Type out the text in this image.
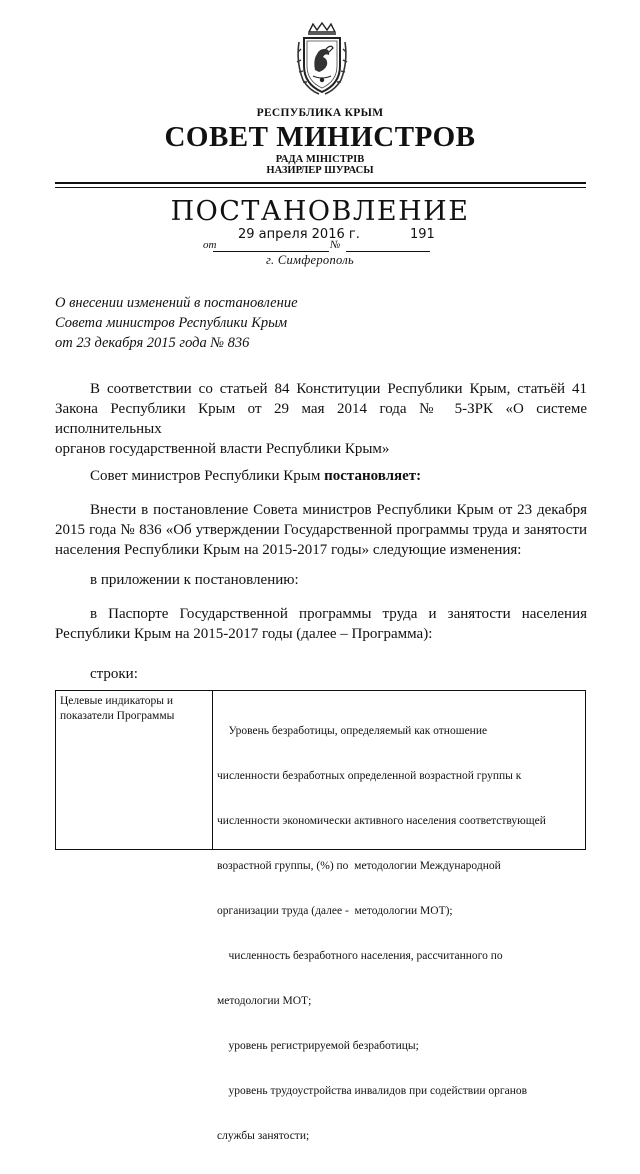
РЕСПУБЛИКА КРЫМ
СОВЕТ МИНИСТРОВ
РАДА МІНІСТРІВ
НАЗИРЛЕР ШУРАСЫ
ПОСТАНОВЛЕНИЕ
29 апреля 2016 г.	191
от	№
г. Симферополь
О внесении изменений в постановление
Совета министров Республики Крым
от 23 декабря 2015 года № 836
В соответствии со статьей 84 Конституции Республики Крым, статьёй 41
Закона Республики Крым от 29 мая 2014 года № 5-ЗРК «О системе исполнительных
органов государственной власти Республики Крым»
Совет министров Республики Крым постановляет:
Внести в постановление Совета министров Республики Крым от 23 декабря
2015 года № 836 «Об утверждении Государственной программы труда и занятости
населения Республики Крым на 2015-2017 годы» следующие изменения:
в приложении к постановлению:
в Паспорте Государственной программы труда и занятости населения
Республики Крым на 2015-2017 годы (далее – Программа):
строки:
Целевые индикаторы и
показатели Программы

Уровень безработицы, определяемый как отношение

численности безработных определенной возрастной группы к

численности экономически активного населения соответствующей

возрастной группы, (%) по  методологии Международной

организации труда (далее -  методологии МОТ);

численность безработного населения, рассчитанного по

методологии МОТ;

уровень регистрируемой безработицы;

уровень трудоустройства инвалидов при содействии органов

службы занятости;
